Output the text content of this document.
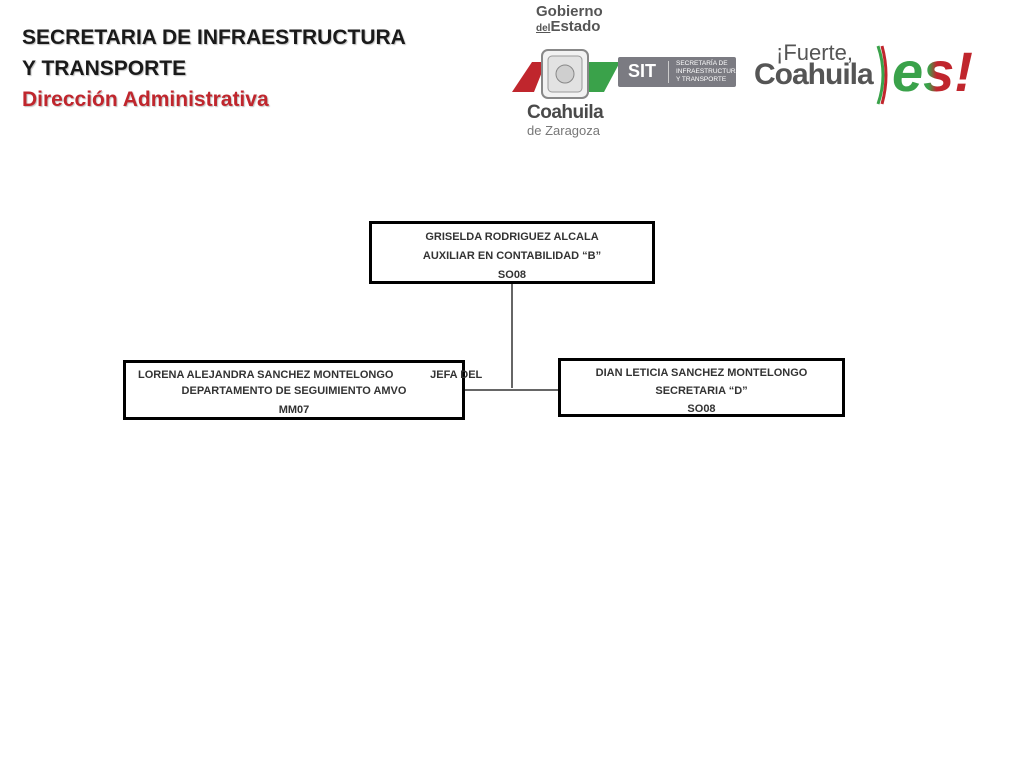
SECRETARIA DE INFRAESTRUCTURA
Y TRANSPORTE
Dirección Administrativa
Gobierno
delEstado
Coahuila
de Zaragoza
SIT	SECRETARÍA DE
INFRAESTRUCTURA
Y TRANSPORTE
¡Fuerte,
Coahuila es!
GRISELDA RODRIGUEZ ALCALA
AUXILIAR EN CONTABILIDAD “B”
SO08
LORENA ALEJANDRA SANCHEZ MONTELONGO            JEFA DEL
DEPARTAMENTO DE SEGUIMIENTO AMVO
MM07
DIAN LETICIA SANCHEZ MONTELONGO
SECRETARIA “D”
SO08
